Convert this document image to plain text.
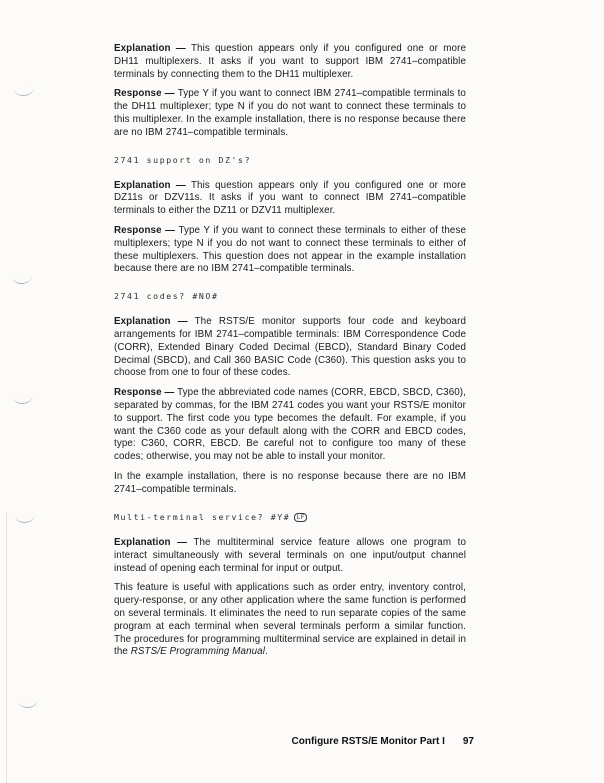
Explanation — This question appears only if you configured one or more DH11 multiplexers. It asks if you want to support IBM 2741–compatible terminals by connecting them to the DH11 multiplexer.

Response — Type Y if you want to connect IBM 2741–compatible terminals to the DH11 multiplexer; type N if you do not want to connect these terminals to this multiplexer. In the example installation, there is no response because there are no IBM 2741–compatible terminals.

2741 support on DZ's?

Explanation — This question appears only if you configured one or more DZ11s or DZV11s. It asks if you want to connect IBM 2741–compatible terminals to either the DZ11 or DZV11 multiplexer.

Response — Type Y if you want to connect these terminals to either of these multiplexers; type N if you do not want to connect these terminals to either of these multiplexers. This question does not appear in the example installation because there are no IBM 2741–compatible terminals.

2741 codes? #NO#

Explanation — The RSTS/E monitor supports four code and keyboard arrangements for IBM 2741–compatible terminals: IBM Correspondence Code (CORR), Extended Binary Coded Decimal (EBCD), Standard Binary Coded Decimal (SBCD), and Call 360 BASIC Code (C360). This question asks you to choose from one to four of these codes.

Response — Type the abbreviated code names (CORR, EBCD, SBCD, C360), separated by commas, for the IBM 2741 codes you want your RSTS/E monitor to support. The first code you type becomes the default. For example, if you want the C360 code as your default along with the CORR and EBCD codes, type: C360, CORR, EBCD. Be careful not to configure too many of these codes; otherwise, you may not be able to install your monitor.

In the example installation, there is no response because there are no IBM 2741–compatible terminals.

Multi-terminal service? #Y# LF

Explanation — The multiterminal service feature allows one program to interact simultaneously with several terminals on one input/output channel instead of opening each terminal for input or output.

This feature is useful with applications such as order entry, inventory control, query-response, or any other application where the same function is performed on several terminals. It eliminates the need to run separate copies of the same program at each terminal when several terminals perform a similar function. The procedures for programming multiterminal service are explained in detail in the RSTS/E Programming Manual.

Configure RSTS/E Monitor Part I 97
